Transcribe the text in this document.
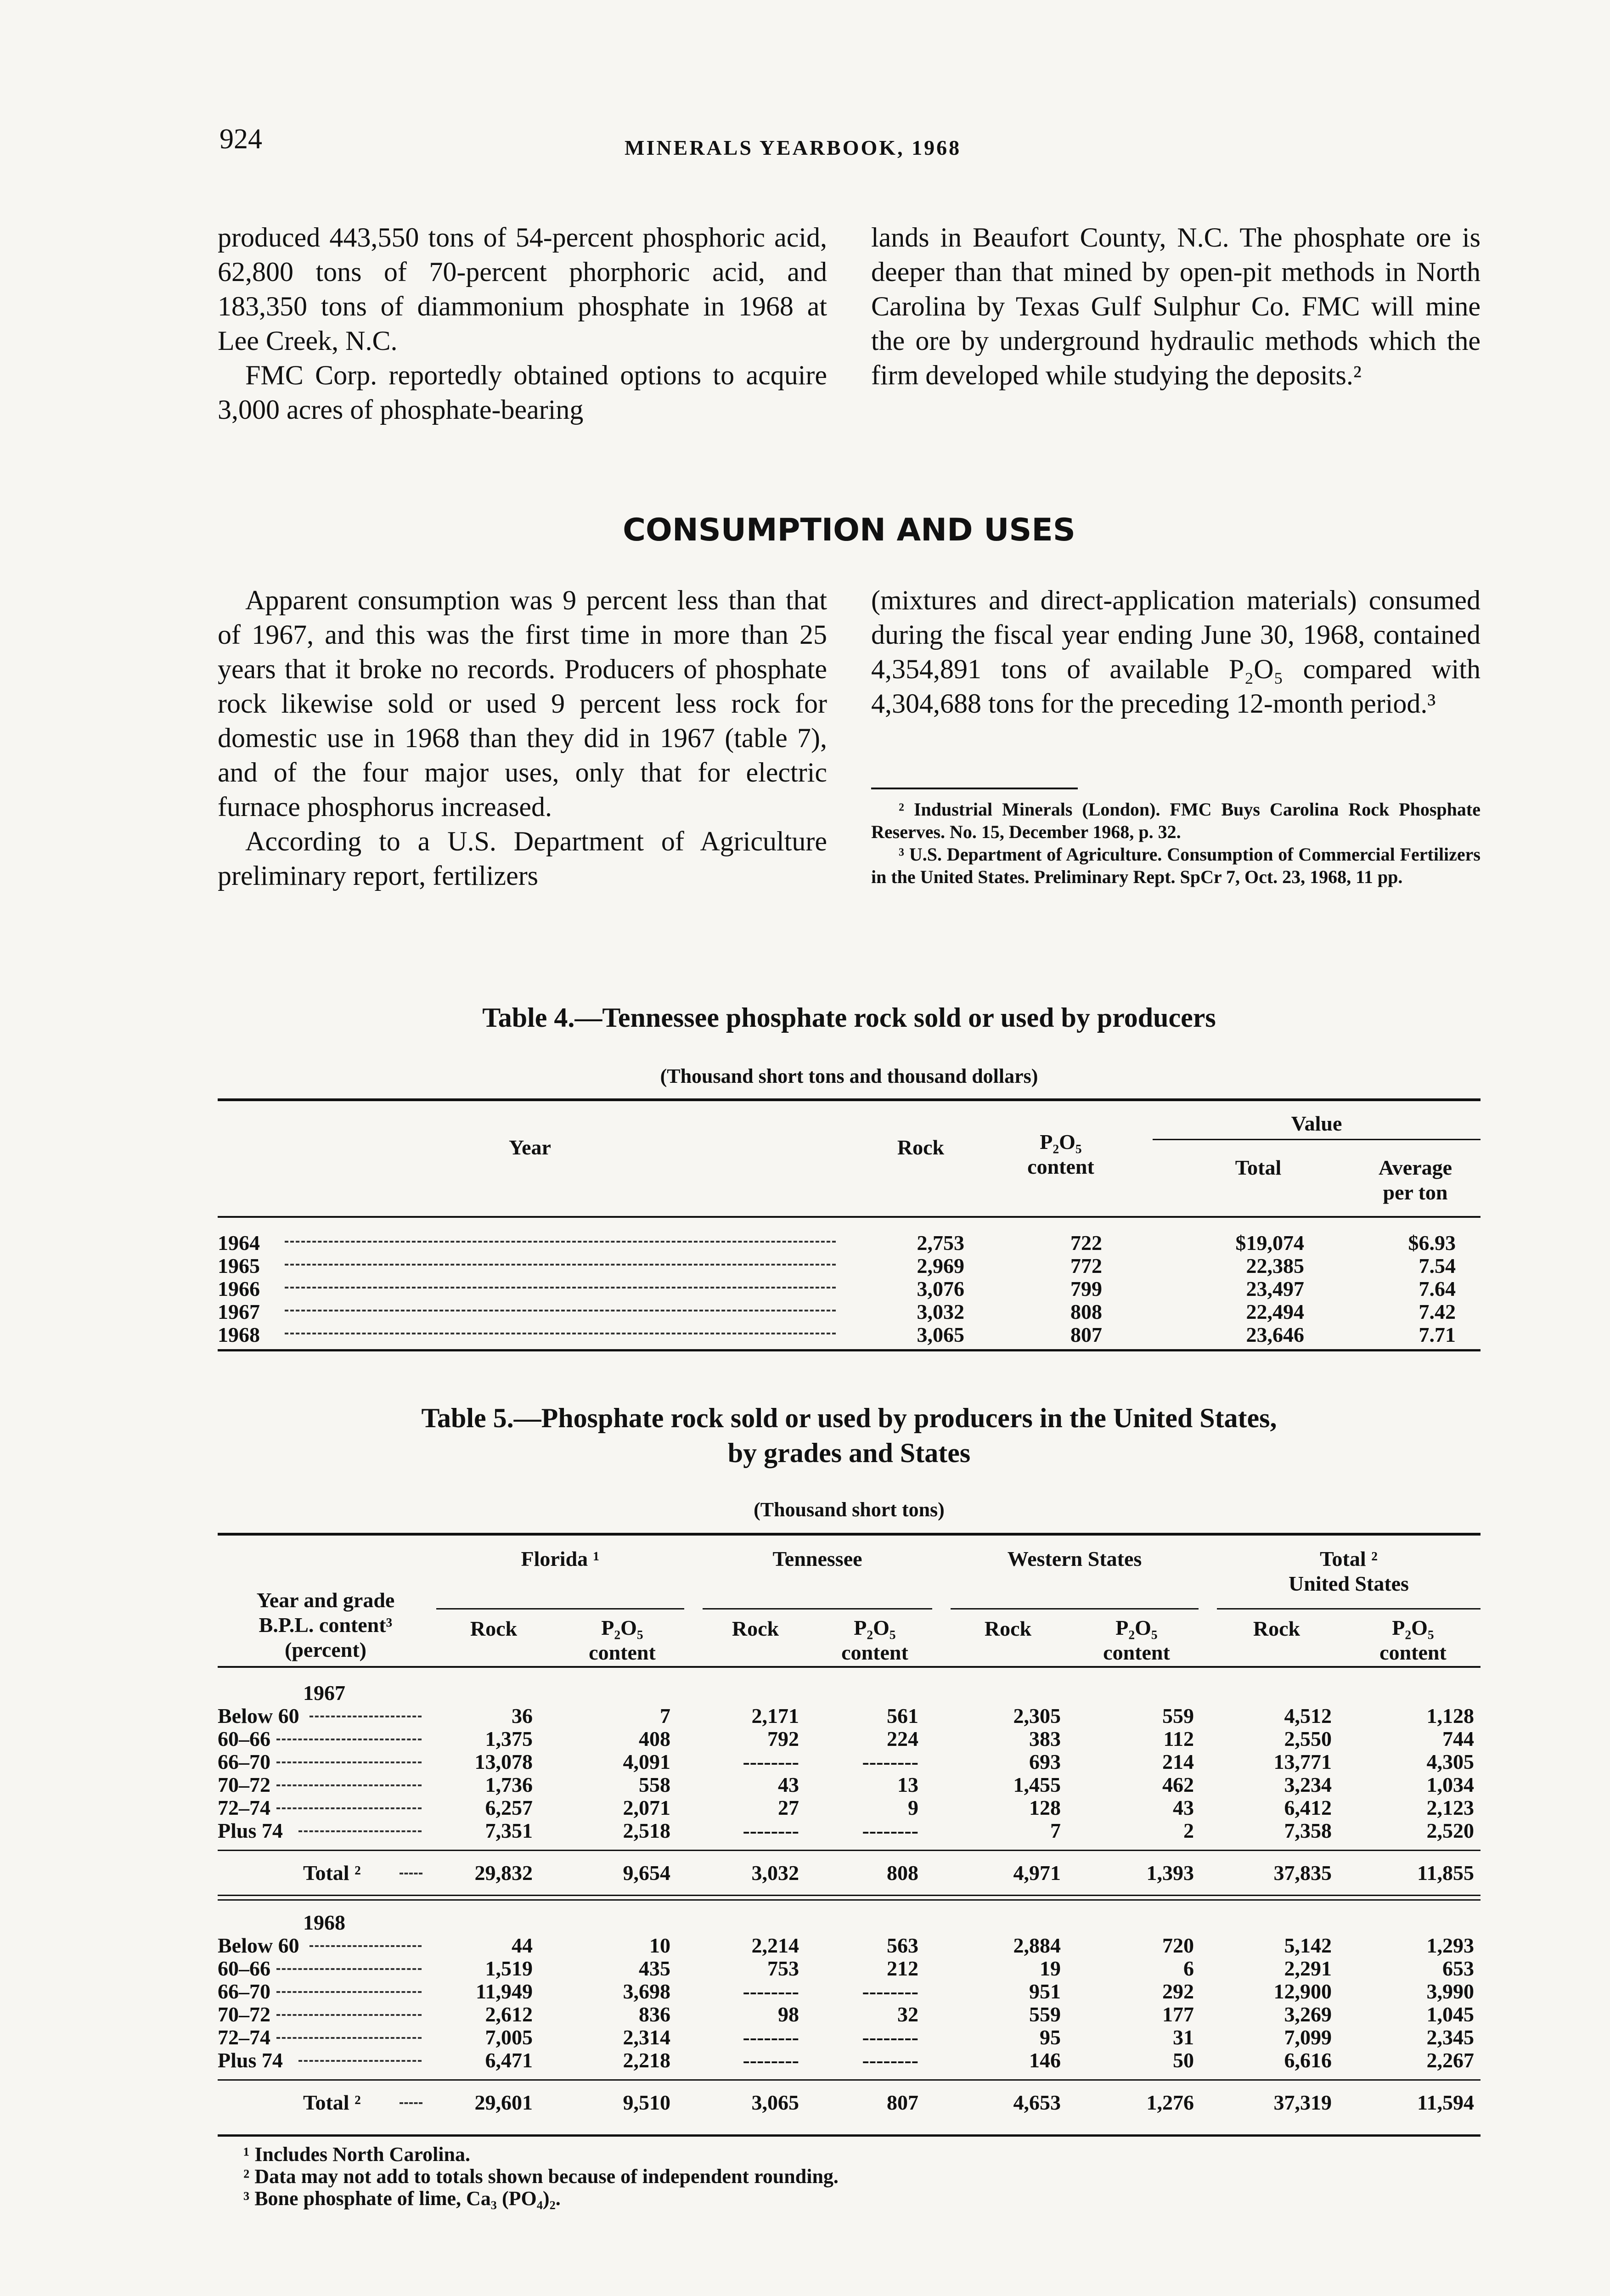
924	MINERALS YEARBOOK, 1968

produced 443,550 tons of 54-percent phosphoric acid, 62,800 tons of 70-percent phorphoric acid, and 183,350 tons of diammonium phosphate in 1968 at Lee Creek, N.C.

FMC Corp. reportedly obtained options to acquire 3,000 acres of phosphate-bearing

lands in Beaufort County, N.C. The phosphate ore is deeper than that mined by open-pit methods in North Carolina by Texas Gulf Sulphur Co. FMC will mine the ore by underground hydraulic methods which the firm developed while studying the deposits.²

CONSUMPTION AND USES

Apparent consumption was 9 percent less than that of 1967, and this was the first time in more than 25 years that it broke no records. Producers of phosphate rock likewise sold or used 9 percent less rock for domestic use in 1968 than they did in 1967 (table 7), and of the four major uses, only that for electric furnace phosphorus increased.

According to a U.S. Department of Agriculture preliminary report, fertilizers

(mixtures and direct-application materials) consumed during the fiscal year ending June 30, 1968, contained 4,354,891 tons of available P₂O₅ compared with 4,304,688 tons for the preceding 12-month period.³

² Industrial Minerals (London). FMC Buys Carolina Rock Phosphate Reserves. No. 15, December 1968, p. 32.

³ U.S. Department of Agriculture. Consumption of Commercial Fertilizers in the United States. Preliminary Rept. SpCr 7, Oct. 23, 1968, 11 pp.

Table 4.—Tennessee phosphate rock sold or used by producers
(Thousand short tons and thousand dollars)
Year	Rock	P₂O₅
content
Value
Total	Average
per ton
1964	2,753	722	$19,074	$6.93
1965	2,969	772	22,385	7.54
1966	3,076	799	23,497	7.64
1967	3,032	808	22,494	7.42
1968	3,065	807	23,646	7.71
Table 5.—Phosphate rock sold or used by producers in the United States,
by grades and States
(Thousand short tons)
Year and grade
B.P.L. content³
(percent)
Florida ¹	Tennessee	Western States	Total ²
United States
Rock	P₂O₅
content
Rock	P₂O₅
content
Rock	P₂O₅
content
Rock	P₂O₅
content
1967
Below 60	36	7	2,171	561	2,305	559	4,512	1,128
60–66	1,375	408	792	224	383	112	2,550	744
66–70	13,078	4,091	--------	--------	693	214	13,771	4,305
70–72	1,736	558	43	13	1,455	462	3,234	1,034
72–74	6,257	2,071	27	9	128	43	6,412	2,123
Plus 74	7,351	2,518	--------	--------	7	2	7,358	2,520
Total ²	29,832	9,654	3,032	808	4,971	1,393	37,835	11,855
1968
Below 60	44	10	2,214	563	2,884	720	5,142	1,293
60–66	1,519	435	753	212	19	6	2,291	653
66–70	11,949	3,698	--------	--------	951	292	12,900	3,990
70–72	2,612	836	98	32	559	177	3,269	1,045
72–74	7,005	2,314	--------	--------	95	31	7,099	2,345
Plus 74	6,471	2,218	--------	--------	146	50	6,616	2,267
Total ²	29,601	9,510	3,065	807	4,653	1,276	37,319	11,594
¹ Includes North Carolina.
² Data may not add to totals shown because of independent rounding.
³ Bone phosphate of lime, Ca₃ (PO₄)₂.
